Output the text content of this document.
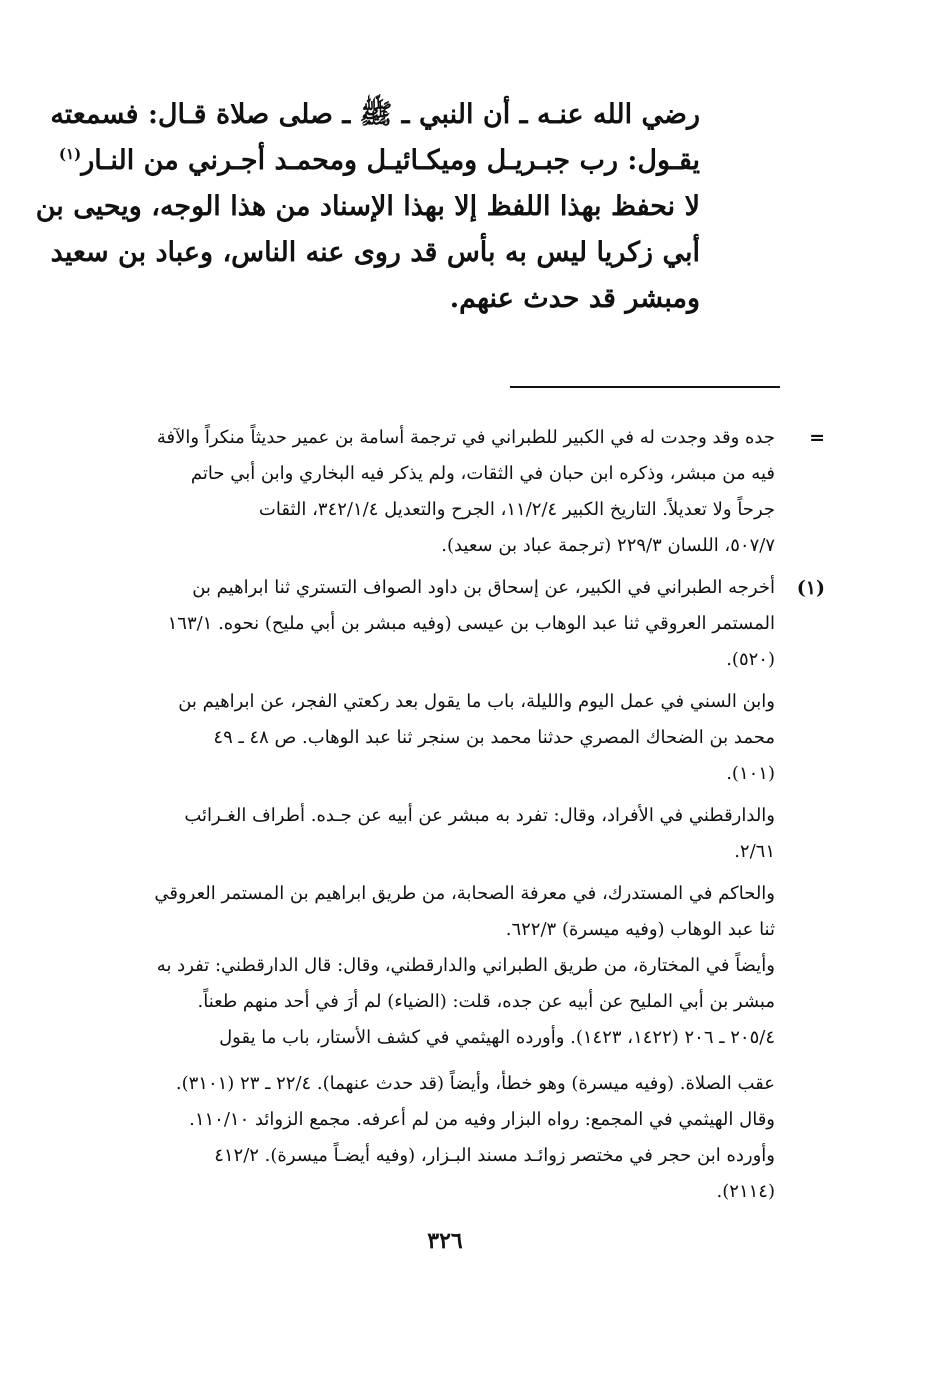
رضي الله عنـه ـ أن النبي ـ ﷺ ـ صلى صلاة قـال: فسمعته
يقـول: رب جبـريـل وميكـائيـل ومحمـد أجـرني من النـار$^{(١)}$
لا نحفظ بهذا اللفظ إلا بهذا الإسناد من هذا الوجه، ويحيى بن
أبي زكريا ليس به بأس قد روى عنه الناس، وعباد بن سعيد
ومبشر قد حدث عنهم.
=
جده وقد وجدت له في الكبير للطبراني في ترجمة أسامة بن عمير حديثاً منكراً والآفة
فيه من مبشر، وذكره ابن حبان في الثقات، ولم يذكر فيه البخاري وابن أبي حاتم
جرحاً ولا تعديلاً. التاريخ الكبير ١١/٢/٤، الجرح والتعديل ٣٤٢/١/٤، الثقات
٥٠٧/٧، اللسان ٢٢٩/٣ (ترجمة عباد بن سعيد).
(١)
أخرجه الطبراني في الكبير، عن إسحاق بن داود الصواف التستري ثنا ابراهيم بن
المستمر العروقي ثنا عبد الوهاب بن عيسى (وفيه مبشر بن أبي مليح) نحوه. ١٦٣/١
(٥٢٠).
وابن السني في عمل اليوم والليلة، باب ما يقول بعد ركعتي الفجر، عن ابراهيم بن
محمد بن الضحاك المصري حدثنا محمد بن سنجر ثنا عبد الوهاب. ص ٤٨ ـ ٤٩
(١٠١).
والدارقطني في الأفراد، وقال: تفرد به مبشر عن أبيه عن جـده. أطراف الغـرائب
٢/٦١.
والحاكم في المستدرك، في معرفة الصحابة، من طريق ابراهيم بن المستمر العروقي
ثنا عبد الوهاب (وفيه ميسرة) ٦٢٢/٣.
وأيضاً في المختارة، من طريق الطبراني والدارقطني، وقال: قال الدارقطني: تفرد به
مبشر بن أبي المليح عن أبيه عن جده، قلت: (الضياء) لم أرَ في أحد منهم طعناً.
٢٠٥/٤ ـ ٢٠٦ (١٤٢٢، ١٤٢٣). وأورده الهيثمي في كشف الأستار، باب ما يقول
عقب الصلاة. (وفيه ميسرة) وهو خطأ، وأيضاً (قد حدث عنهما). ٢٢/٤ ـ ٢٣ (٣١٠١).
وقال الهيثمي في المجمع: رواه البزار وفيه من لم أعرفه. مجمع الزوائد ١١٠/١٠.
وأورده ابن حجر في مختصر زوائـد مسند البـزار، (وفيه أيضـاً ميسرة). ٤١٢/٢
(٢١١٤).
٣٢٦
